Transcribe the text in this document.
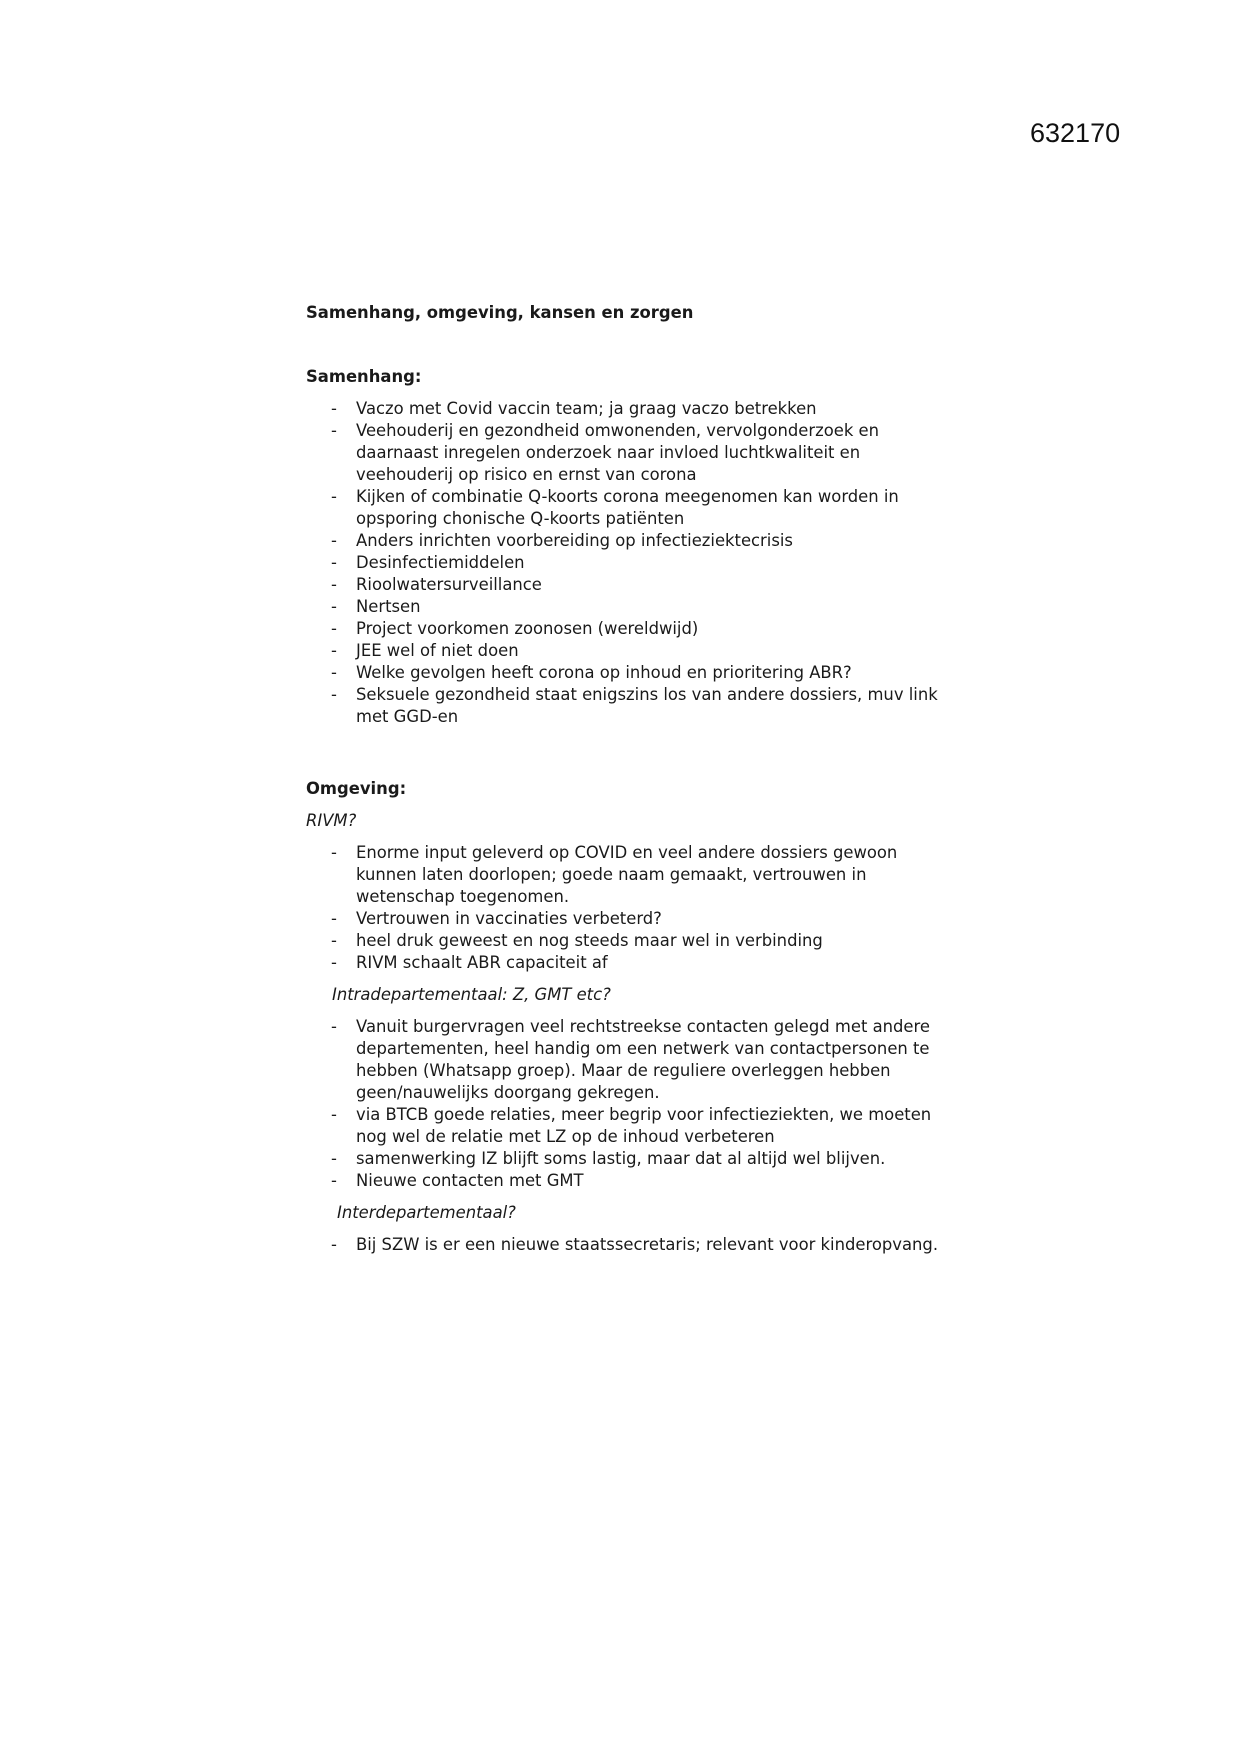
632170
Samenhang, omgeving, kansen en zorgen
Samenhang:
- Vaczo met Covid vaccin team; ja graag vaczo betrekken
- Veehouderij en gezondheid omwonenden, vervolgonderzoek en daarnaast inregelen onderzoek naar invloed luchtkwaliteit en veehouderij op risico en ernst van corona
- Kijken of combinatie Q-koorts corona meegenomen kan worden in opsporing chonische Q-koorts patiënten
- Anders inrichten voorbereiding op infectieziektecrisis
- Desinfectiemiddelen
- Rioolwatersurveillance
- Nertsen
- Project voorkomen zoonosen (wereldwijd)
- JEE wel of niet doen
- Welke gevolgen heeft corona op inhoud en prioritering ABR?
- Seksuele gezondheid staat enigszins los van andere dossiers, muv link met GGD-en
Omgeving:
RIVM?
- Enorme input geleverd op COVID en veel andere dossiers gewoon kunnen laten doorlopen; goede naam gemaakt, vertrouwen in wetenschap toegenomen.
- Vertrouwen in vaccinaties verbeterd?
- heel druk geweest en nog steeds maar wel in verbinding
- RIVM schaalt ABR capaciteit af
Intradepartementaal: Z, GMT etc?
- Vanuit burgervragen veel rechtstreekse contacten gelegd met andere departementen, heel handig om een netwerk van contactpersonen te hebben (Whatsapp groep). Maar de reguliere overleggen hebben geen/nauwelijks doorgang gekregen.
- via BTCB goede relaties, meer begrip voor infectieziekten, we moeten nog wel de relatie met LZ op de inhoud verbeteren
- samenwerking IZ blijft soms lastig, maar dat al altijd wel blijven.
- Nieuwe contacten met GMT
Interdepartementaal?
- Bij SZW is er een nieuwe staatssecretaris; relevant voor kinderopvang.
